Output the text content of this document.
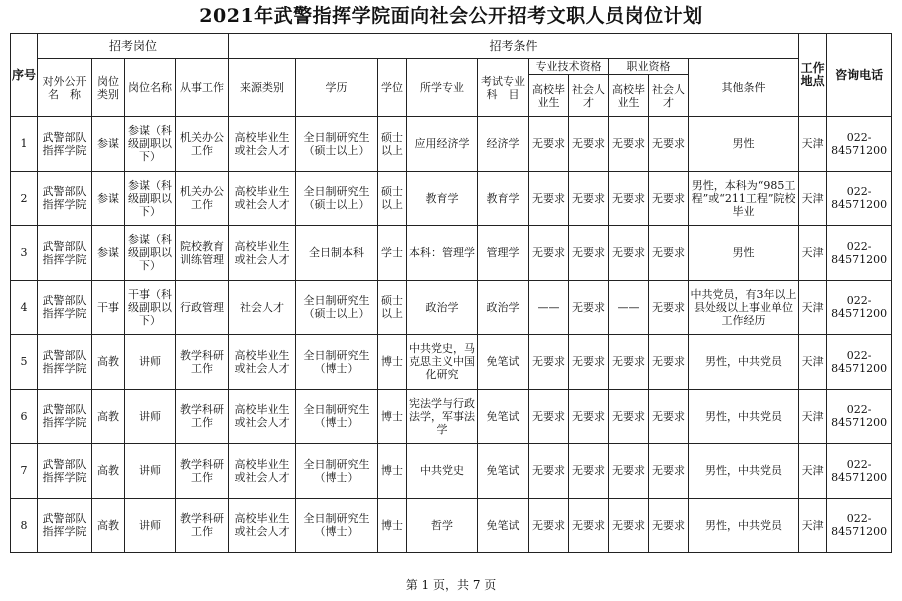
2021年武警指挥学院面向社会公开招考文职人员岗位计划
序号	招考岗位				招考条件										工作地点	咨询电话
	对外公开名　称	岗位类别	岗位名称	从事工作	来源类别	学历	学位	所学专业	考试专业科　目	专业技术资格		职业资格		其他条件		
										高校毕业生	社会人才	高校毕业生	社会人才			
1	武警部队指挥学院	参谋	参谋（科级副职以下）	机关办公工作	高校毕业生或社会人才	全日制研究生（硕士以上）	硕士以上	应用经济学	经济学	无要求	无要求	无要求	无要求	男性	天津	022-84571200
2	武警部队指挥学院	参谋	参谋（科级副职以下）	机关办公工作	高校毕业生或社会人才	全日制研究生（硕士以上）	硕士以上	教育学	教育学	无要求	无要求	无要求	无要求	男性，本科为“985工程”或“211工程”院校毕业	天津	022-84571200
3	武警部队指挥学院	参谋	参谋（科级副职以下）	院校教育训练管理	高校毕业生或社会人才	全日制本科	学士	本科：管理学	管理学	无要求	无要求	无要求	无要求	男性	天津	022-84571200
4	武警部队指挥学院	干事	干事（科级副职以下）	行政管理	社会人才	全日制研究生（硕士以上）	硕士以上	政治学	政治学	——	无要求	——	无要求	中共党员，有3年以上县处级以上事业单位工作经历	天津	022-84571200
5	武警部队指挥学院	高教	讲师	教学科研工作	高校毕业生或社会人才	全日制研究生（博士）	博士	中共党史，马克思主义中国化研究	免笔试	无要求	无要求	无要求	无要求	男性，中共党员	天津	022-84571200
6	武警部队指挥学院	高教	讲师	教学科研工作	高校毕业生或社会人才	全日制研究生（博士）	博士	宪法学与行政法学，军事法学	免笔试	无要求	无要求	无要求	无要求	男性，中共党员	天津	022-84571200
7	武警部队指挥学院	高教	讲师	教学科研工作	高校毕业生或社会人才	全日制研究生（博士）	博士	中共党史	免笔试	无要求	无要求	无要求	无要求	男性，中共党员	天津	022-84571200
8	武警部队指挥学院	高教	讲师	教学科研工作	高校毕业生或社会人才	全日制研究生（博士）	博士	哲学	免笔试	无要求	无要求	无要求	无要求	男性，中共党员	天津	022-84571200
第 1 页，共 7 页
